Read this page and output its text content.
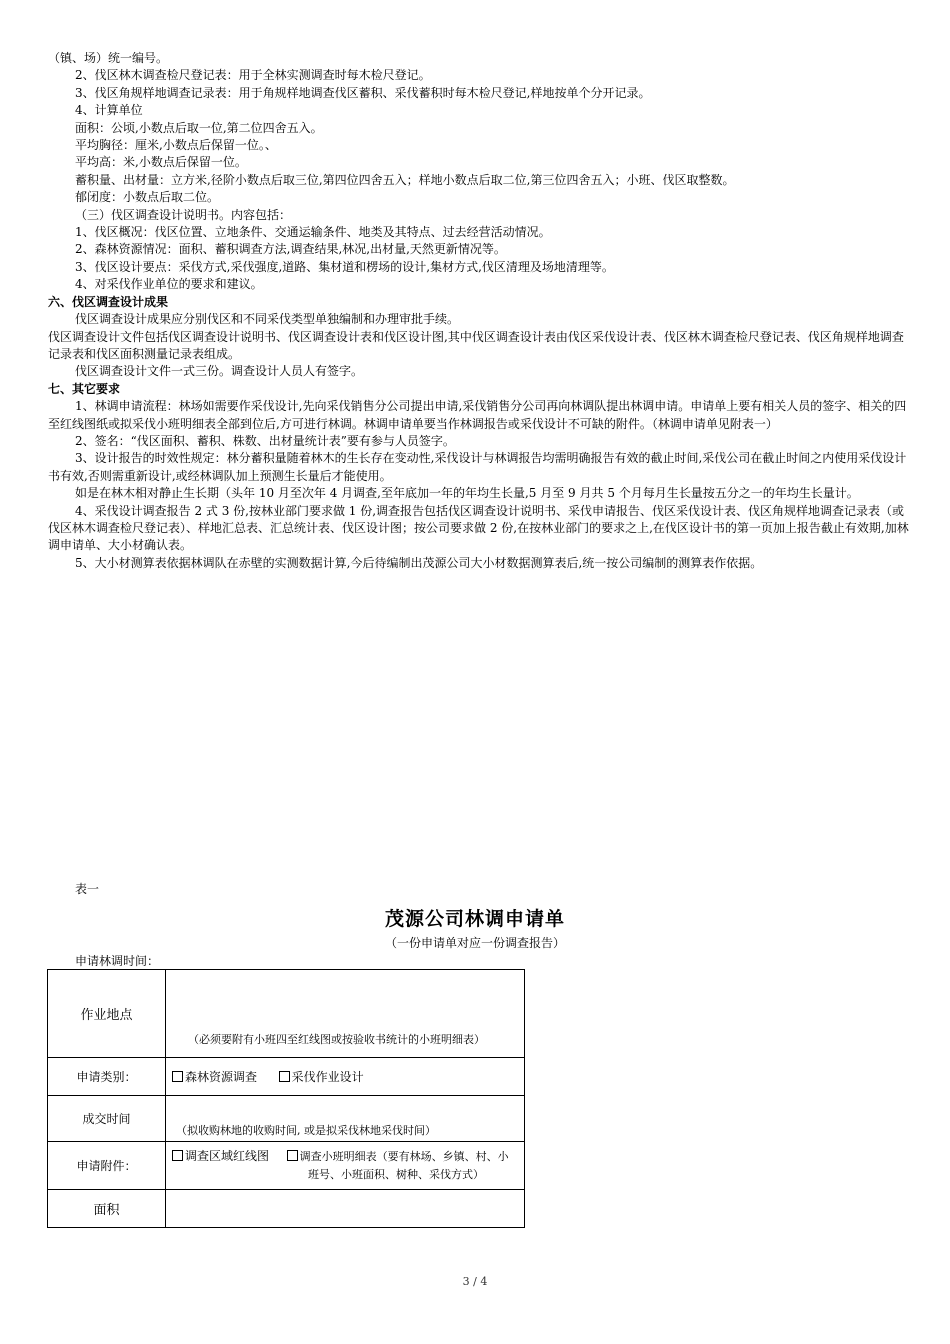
（镇、场）统一编号。

2、伐区林木调查检尺登记表：用于全林实测调查时每木检尺登记。

3、伐区角规样地调查记录表：用于角规样地调查伐区蓄积、采伐蓄积时每木检尺登记,样地按单个分开记录。

4、计算单位

面积：公顷,小数点后取一位,第二位四舍五入。

平均胸径：厘米,小数点后保留一位。、

平均高：米,小数点后保留一位。

蓄积量、出材量：立方米,径阶小数点后取三位,第四位四舍五入；样地小数点后取二位,第三位四舍五入；小班、伐区取整数。

郁闭度：小数点后取二位。

（三）伐区调查设计说明书。内容包括：

1、伐区概况：伐区位置、立地条件、交通运输条件、地类及其特点、过去经营活动情况。

2、森林资源情况：面积、蓄积调查方法,调查结果,林况,出材量,天然更新情况等。

3、伐区设计要点：采伐方式,采伐强度,道路、集材道和楞场的设计,集材方式,伐区清理及场地清理等。

4、对采伐作业单位的要求和建议。

六、伐区调查设计成果

伐区调查设计成果应分别伐区和不同采伐类型单独编制和办理审批手续。

伐区调查设计文件包括伐区调查设计说明书、伐区调查设计表和伐区设计图,其中伐区调查设计表由伐区采伐设计表、伐区林木调查检尺登记表、伐区角规样地调查记录表和伐区面积测量记录表组成。

伐区调查设计文件一式三份。调查设计人员人有签字。

七、其它要求

1、林调申请流程：林场如需要作采伐设计,先向采伐销售分公司提出申请,采伐销售分公司再向林调队提出林调申请。申请单上要有相关人员的签字、相关的四至红线图纸或拟采伐小班明细表全部到位后,方可进行林调。林调申请单要当作林调报告或采伐设计不可缺的附件。（林调申请单见附表一）

2、签名：“伐区面积、蓄积、株数、出材量统计表”要有参与人员签字。

3、设计报告的时效性规定：林分蓄积量随着林木的生长存在变动性,采伐设计与林调报告均需明确报告有效的截止时间,采伐公司在截止时间之内使用采伐设计书有效,否则需重新设计,或经林调队加上预测生长量后才能使用。

如是在林木相对静止生长期（头年 10 月至次年 4 月调查,至年底加一年的年均生长量,5 月至 9 月共 5 个月每月生长量按五分之一的年均生长量计。

4、采伐设计调查报告 2 式 3 份,按林业部门要求做 1 份,调查报告包括伐区调查设计说明书、采伐申请报告、伐区采伐设计表、伐区角规样地调查记录表（或伐区林木调查检尺登记表）、样地汇总表、汇总统计表、伐区设计图；按公司要求做 2 份,在按林业部门的要求之上,在伐区设计书的第一页加上报告截止有效期,加林调申请单、大小材确认表。

5、大小材测算表依据林调队在赤壁的实测数据计算,今后待编制出茂源公司大小材数据测算表后,统一按公司编制的测算表作依据。

表一
茂源公司林调申请单
（一份申请单对应一份调查报告）
申请林调时间：
作业地点	（必须要附有小班四至红线图或按验收书统计的小班明细表）

申请类别：	森林资源调查 采伐作业设计
成交时间	（拟收购林地的收购时间, 或是拟采伐林地采伐时间）

申请附件：	调查区域红线图 调查小班明细表（要有林场、乡镇、村、小
班号、小班面积、树种、采伐方式）

面积	
3 / 4
